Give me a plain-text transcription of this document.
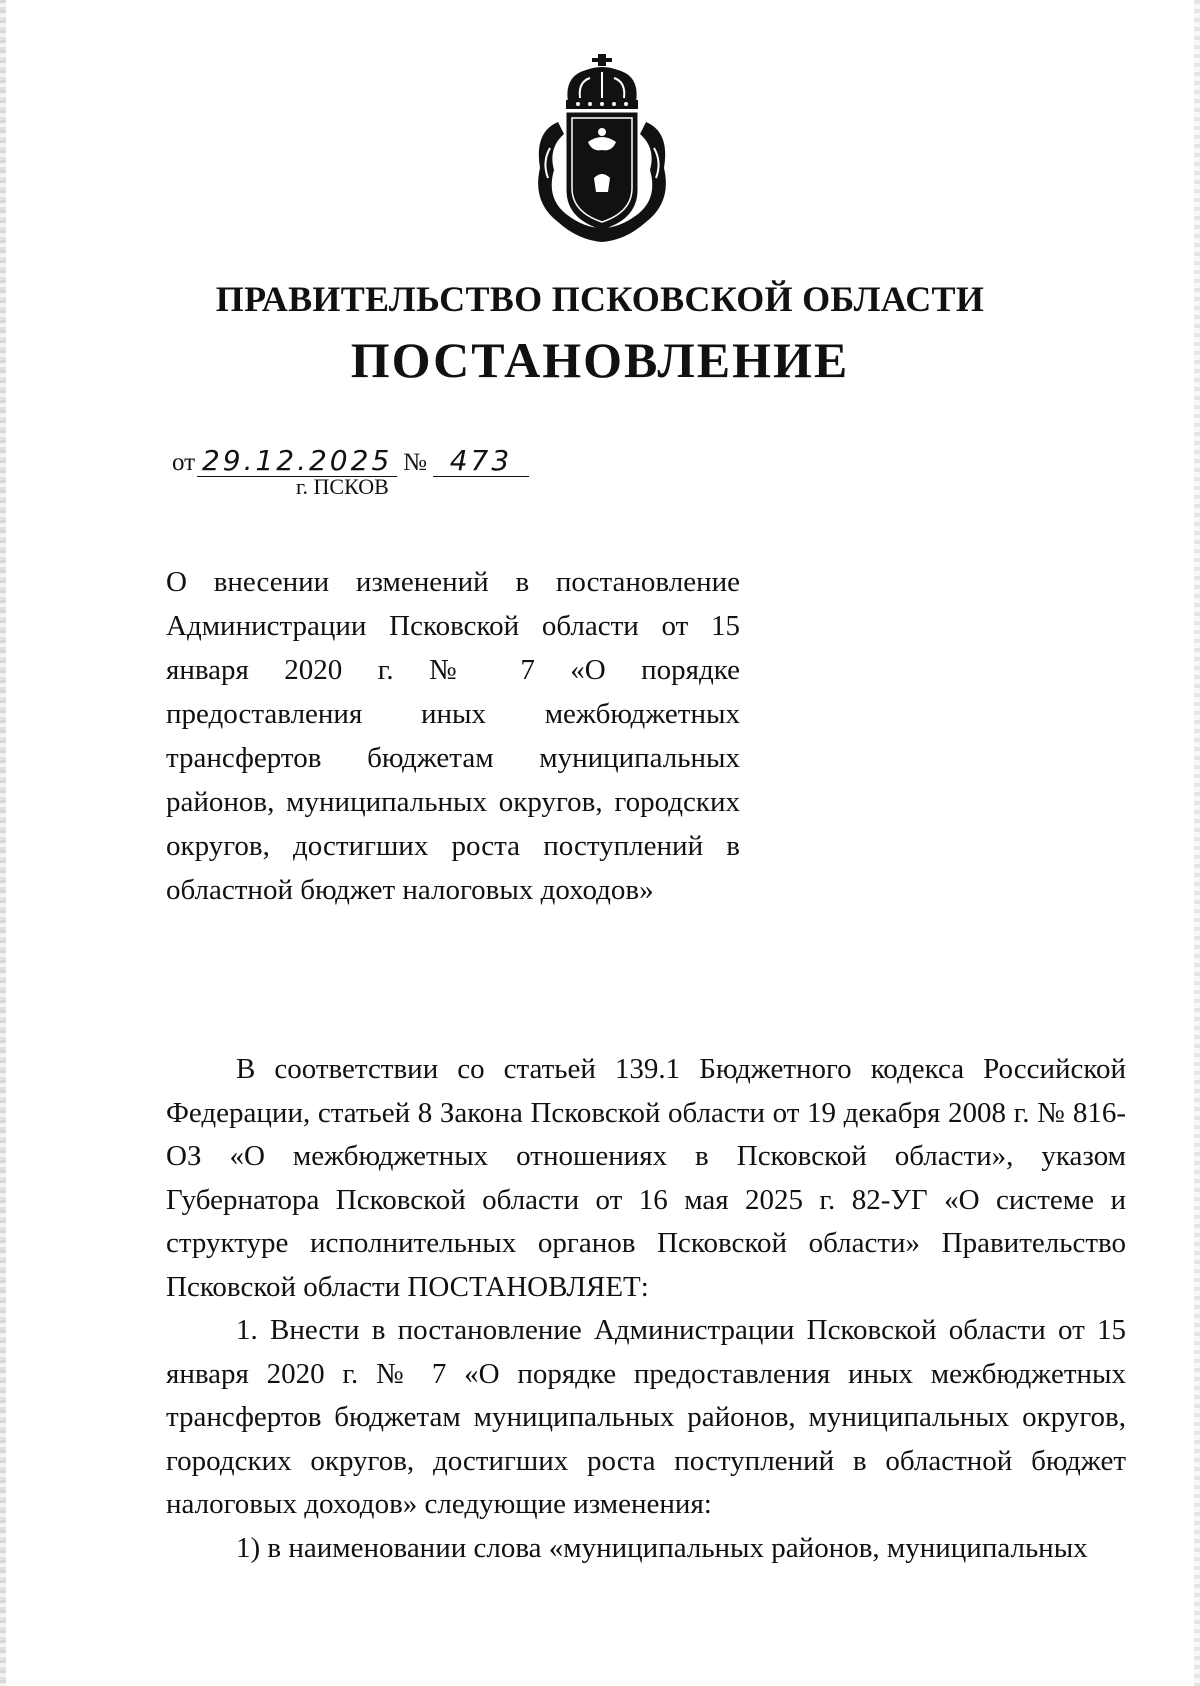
ПРАВИТЕЛЬСТВО ПСКОВСКОЙ ОБЛАСТИ
ПОСТАНОВЛЕНИЕ
от 29.12.2025 № 473
г. ПСКОВ

О внесении изменений в постановление Администрации Псковской области от 15 января 2020 г. № 7 «О порядке предоставления иных межбюджетных трансфертов бюджетам муниципальных районов, муниципальных округов, городских округов, достигших роста поступлений в областной бюджет налоговых доходов»

В соответствии со статьей 139.1 Бюджетного кодекса Российской Федерации, статьей 8 Закона Псковской области от 19 декабря 2008 г. № 816-ОЗ «О межбюджетных отношениях в Псковской области», указом Губернатора Псковской области от 16 мая 2025 г. 82-УГ «О системе и структуре исполнительных органов Псковской области» Правительство Псковской области ПОСТАНОВЛЯЕТ:

1. Внести в постановление Администрации Псковской области от 15 января 2020 г. № 7 «О порядке предоставления иных межбюджетных трансфертов бюджетам муниципальных районов, муниципальных округов, городских округов, достигших роста поступлений в областной бюджет налоговых доходов» следующие изменения:

1) в наименовании слова «муниципальных районов, муниципальных
